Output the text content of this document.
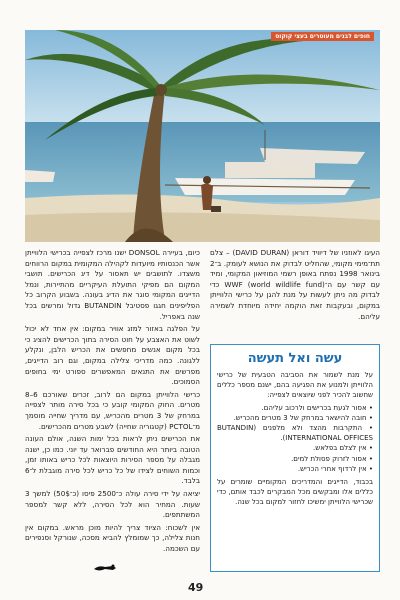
חופים לבנים מעוטרים בעצי קוקוס

העיגו לאוזניו של דיוויד דוראן (DAVID DURAN) – צלם תת־מימי מקומי, שהחליט לבדוק את הנושא לעומק. ב־2 בינואר 1998 נפתח באופן רשמי המוזיאון המקומי, ומיד עם קשר עם ה־WWF (world wildlife fund) כדי לבדוק מה ניתן לעשות על מנת להגן על כרישי הלווייתן במקום, ובעקבות זאת הוקמה יחידה מיוחדת לשמירה עליהם.

כיום, בעיירה DONSOL ישנו מרכז לצפייה בכרישי הלווייתן אשר הכנסותיו מיועדות לקהילה המקומית במקום הרווחים משצדו. לתושבים יש תאסור על דיג הכרישים. תושבי המקום הם מפיקי התועלת העיקריים מהתיירות, ונמל הדייגים המקומי סוגר את הדיג בעונה. בשבוע הקרוב כל הפליפינים חגגו פסטיבל BUTANDIN גדול ומרשים בכל שנה באפריל.

על הפלגה באזור למזג אוויר במקום: אין אחד לא יכול לשוט את האצבע על חוט הסירה בתוך הכרישים להציג כי בכל מקום אנשים מחפשים את הכריש הלבן, ונקלע ללגונה. כמה מדריכי צלילה במקום, וגם רוב הדייגים, מפרשים את התנאים המאפשרים ספורט ימי בחופים הסמוכים.

כרישי הלווייתן במקום הם לרוב, זכרים שאורכם 6–8 מטרים. החוק המקומי קובע כי בכל סירה מותר לצפייה במרחק של 3 מטרים מהכריש, עם מדריך שחייה מוסמך מ־PCTOL (קטגוריה שחייה) לשבע מטרים מהכרישים.

את הכרישים ניתן לראות בכל ימות השנה, אולם העונה הטובה ביותר היא החודשים פברואר עד יוני. כמו כן, ישנה מגבלה על מספר הסירות היוצאות לכל כריש באותו זמן, וכמות השוחים לצידו של כל כריש לכל סירה מוגבלת ל־6 בלבד.

יציאה על ידי סירה עולה כ־2500 פיסו (כ־50$) למשך 3 שעות. המחיר הוא לכל הסירה, ללא קשר למספר המשתתפים.

אין לשכוח: הציוד צריך להיות מוכן מראש. במקום אין חנות צלילה, כך שמומלץ להביא מסכה, שנורקל וסנפירים עם השכמה.

עשה ואל תעשה

על מנת לשמור את הסביבה הטבעית של כרישי הלווייתן ולמנוע את הפגיעה בהם, ישנם מספר כללים שחשוב להכיר לפני שיוצאים לצפייה:

• אסור לגעת בכרישים ולרכוב עליהם.
• חובה להישאר במרחק של 3 מטרים מהכריש.
• התקרבות מהצד ולא מלפנים (BUTANDIN INTERNATIONAL OFFICES).
• אין לצלם בפלאש.
• אסור לזרוק פסולת למים.
• אין לרדוף אחרי הכריש.

בכבוד, הדייגים והמדריכים המקומיים שומרים על כללים אלו ומבקשים מכל המבקרים לכבד אותם, כדי שכרישי הלווייתן ימשיכו לחזור למקום בכל שנה.

49
